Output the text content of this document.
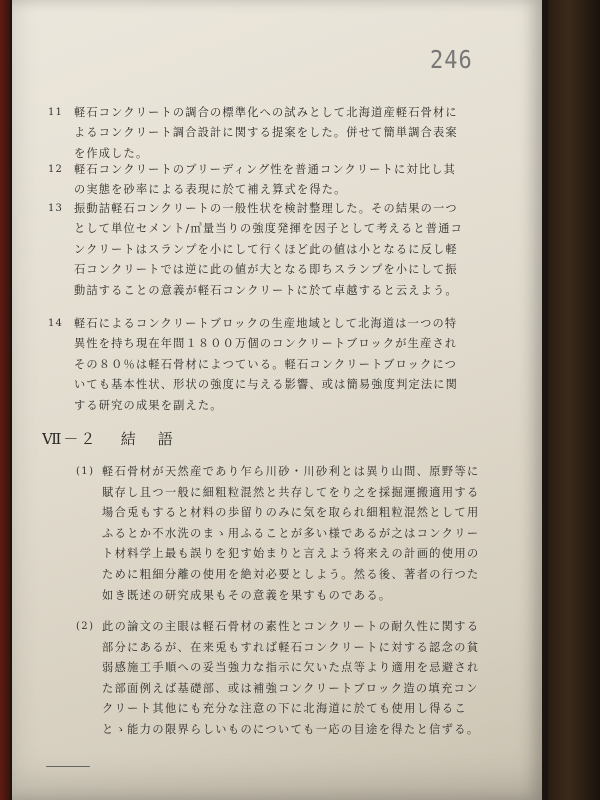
246
11 軽石コンクリートの調合の標準化への試みとして北海道産軽石骨材によるコンクリート調合設計に関する提案をした。併せて簡単調合表案を作成した。
12 軽石コンクリートのブリーディング性を普通コンクリートに対比し其の実態を砂率による表現に於て補え算式を得た。
13 振動詰軽石コンクリートの一般性状を検討整理した。その結果の一つとして単位セメント/㎥量当りの強度発揮を因子として考えると普通コンクリートはスランプを小にして行くほど此の値は小となるに反し軽石コンクリートでは逆に此の値が大となる即ちスランプを小にして振動詰することの意義が軽石コンクリートに於て卓越すると云えよう。
14 軽石によるコンクリートブロックの生産地域として北海道は一つの特異性を持ち現在年間１８００万個のコンクリートブロックが生産されその８０％は軽石骨材によつている。軽石コンクリートブロックについても基本性状、形状の強度に与える影響、或は簡易強度判定法に関する研究の成果を副えた。
Ⅶ－２ 結語
(1) 軽石骨材が天然産であり乍ら川砂・川砂利とは異り山間、原野等に賦存し且つ一般に細粗粒混然と共存してをり之を採掘運搬適用する場合兎もすると材料の歩留りのみに気を取られ細粗粒混然として用ふるとか不水洗のまゝ用ふることが多い様であるが之はコンクリート材料学上最も誤りを犯す始まりと言えよう将来えの計画的使用のために粗細分離の使用を絶対必要としよう。然る後、著者の行つた如き既述の研究成果もその意義を果すものである。
(2) 此の論文の主眼は軽石骨材の素性とコンクリートの耐久性に関する部分にあるが、在来兎もすれば軽石コンクリートに対する認念の貧弱感施工手順への妥当強力な指示に欠いた点等より適用を忌避された部面例えば基礎部、或は補強コンクリートブロック造の填充コンクリート其他にも充分な注意の下に北海道に於ても使用し得ることゝ能力の限界らしいものについても一応の目途を得たと信ずる。
